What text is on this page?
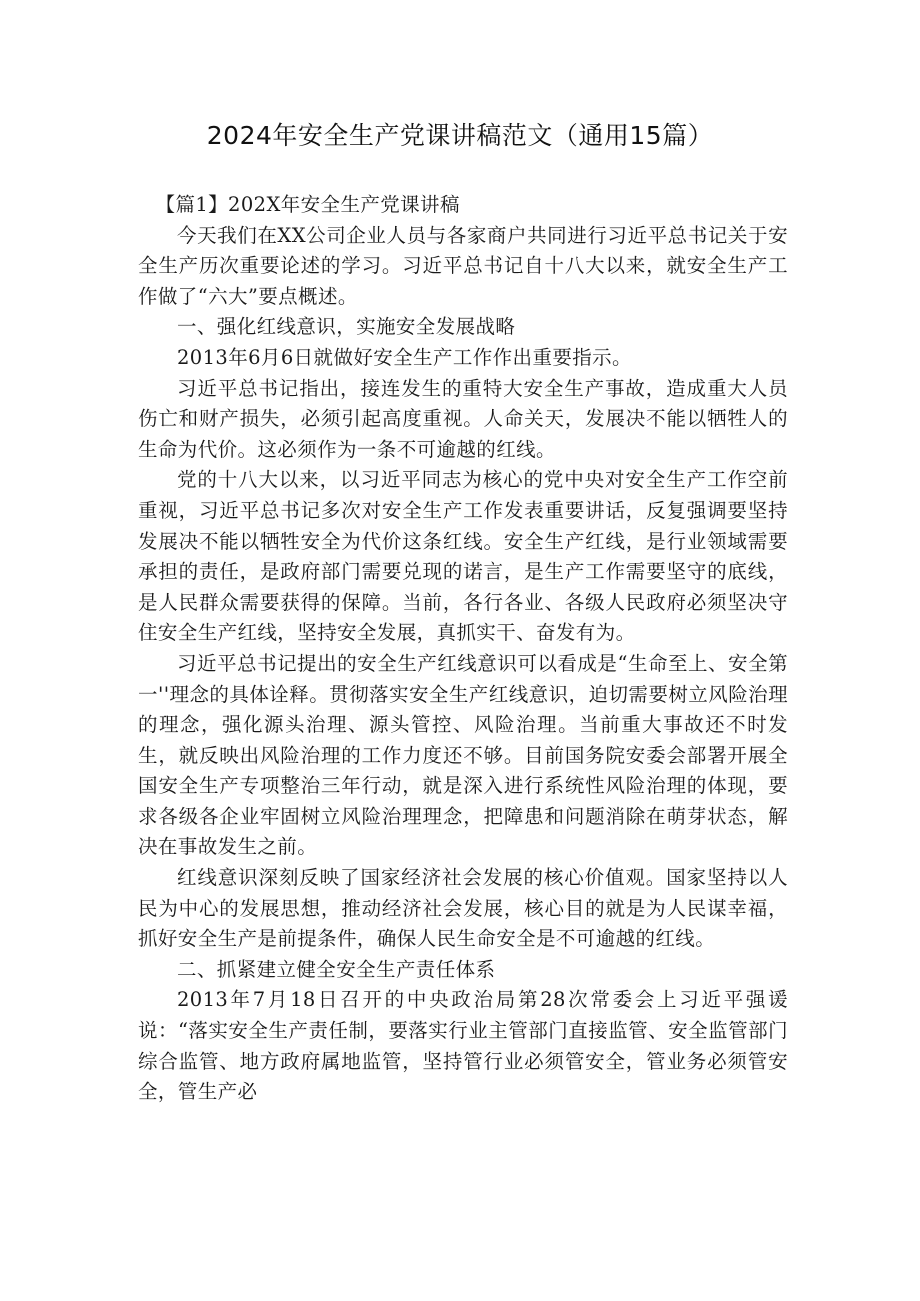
2024年安全生产党课讲稿范文（通用15篇）

【篇1】202X年安全生产党课讲稿

今天我们在XX公司企业人员与各家商户共同进行习近平总书记关于安全生产历次重要论述的学习。习近平总书记自十八大以来，就安全生产工作做了“六大”要点概述。

一、强化红线意识，实施安全发展战略

2013年6月6日就做好安全生产工作作出重要指示。

习近平总书记指出，接连发生的重特大安全生产事故，造成重大人员伤亡和财产损失，必须引起高度重视。人命关天，发展决不能以牺牲人的生命为代价。这必须作为一条不可逾越的红线。

党的十八大以来，以习近平同志为核心的党中央对安全生产工作空前重视，习近平总书记多次对安全生产工作发表重要讲话，反复强调要坚持发展决不能以牺牲安全为代价这条红线。安全生产红线，是行业领域需要承担的责任，是政府部门需要兑现的诺言，是生产工作需要坚守的底线，是人民群众需要获得的保障。当前，各行各业、各级人民政府必须坚决守住安全生产红线，坚持安全发展，真抓实干、奋发有为。

习近平总书记提出的安全生产红线意识可以看成是“生命至上、安全第一''理念的具体诠释。贯彻落实安全生产红线意识，迫切需要树立风险治理的理念，强化源头治理、源头管控、风险治理。当前重大事故还不时发生，就反映出风险治理的工作力度还不够。目前国务院安委会部署开展全国安全生产专项整治三年行动，就是深入进行系统性风险治理的体现，要求各级各企业牢固树立风险治理理念，把障患和问题消除在萌芽状态，解决在事故发生之前。

红线意识深刻反映了国家经济社会发展的核心价值观。国家坚持以人民为中心的发展思想，推动经济社会发展，核心目的就是为人民谋幸福，抓好安全生产是前提条件，确保人民生命安全是不可逾越的红线。

二、抓紧建立健全安全生产责任体系

2013年7月18日召开的中央政治局第28次常委会上习近平强谖说：“落实安全生产责任制，要落实行业主管部门直接监管、安全监管部门综合监管、地方政府属地监管，坚持管行业必须管安全，管业务必须管安全，管生产必
